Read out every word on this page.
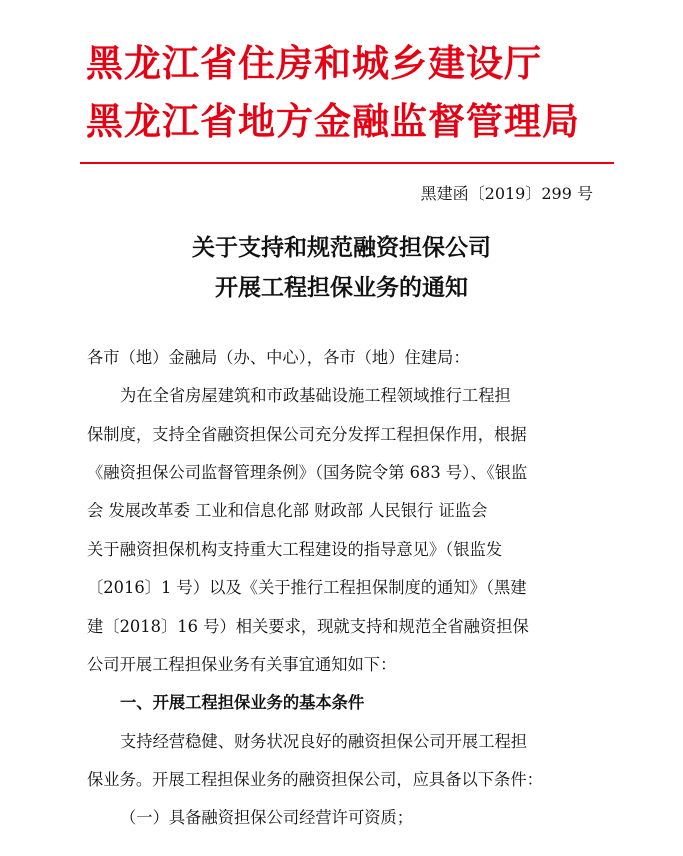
黑龙江省住房和城乡建设厅
黑龙江省地方金融监督管理局
黑建函〔2019〕299 号
关于支持和规范融资担保公司
开展工程担保业务的通知
各市（地）金融局（办、中心），各市（地）住建局：
为在全省房屋建筑和市政基础设施工程领域推行工程担
保制度，支持全省融资担保公司充分发挥工程担保作用，根据
《融资担保公司监督管理条例》（国务院令第 683 号）、《银监
会 发展改革委 工业和信息化部 财政部 人民银行 证监会
关于融资担保机构支持重大工程建设的指导意见》（银监发
〔2016〕1 号）以及《关于推行工程担保制度的通知》（黑建
建〔2018〕16 号）相关要求，现就支持和规范全省融资担保
公司开展工程担保业务有关事宜通知如下：
一、开展工程担保业务的基本条件
支持经营稳健、财务状况良好的融资担保公司开展工程担
保业务。开展工程担保业务的融资担保公司，应具备以下条件：
（一）具备融资担保公司经营许可资质；
